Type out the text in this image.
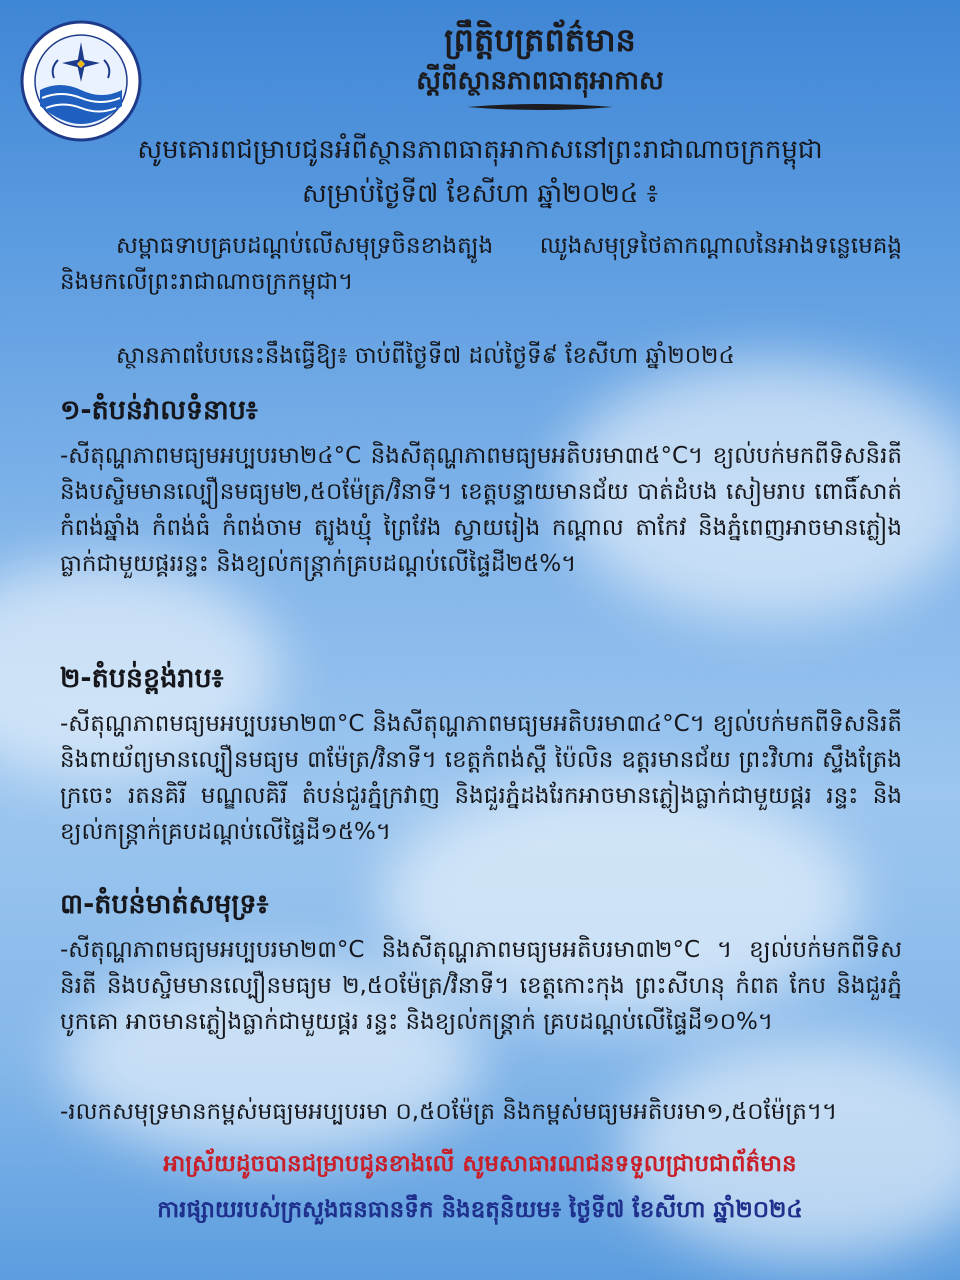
ព្រឹត្តិបត្រព័ត៌មាន
ស្ដីពីស្ថានភាពធាតុអាកាស
សូមគោរពជម្រាបជូនអំពីស្ថានភាពធាតុអាកាសនៅព្រះរាជាណាចក្រកម្ពុជា
សម្រាប់ថ្ងៃទី៧ ខែសីហា ឆ្នាំ២០២៤ ៖
សម្ពាធទាបគ្របដណ្ដប់លើសមុទ្រចិនខាងត្បូង ឈូងសមុទ្រថៃតាកណ្ដាលនៃអាងទន្លេមេគង្គ និងមកលើព្រះរាជាណាចក្រកម្ពុជា។
ស្ថានភាពបែបនេះនឹងធ្វើឱ្យ៖ ចាប់ពីថ្ងៃទី៧ ដល់ថ្ងៃទី៩ ខែសីហា ឆ្នាំ២០២៤
១-តំបន់វាលទំនាប៖
-សីតុណ្ហភាពមធ្យមអប្បបរមា២៤°C និងសីតុណ្ហភាពមធ្យមអតិបរមា៣៥°C។ ខ្យល់បក់មកពីទិសនិរតី និងបស្ចិមមានល្បឿនមធ្យម២,៥០ម៉ែត្រ/វិនាទី។ ខេត្តបន្ទាយមានជ័យ បាត់ដំបង សៀមរាប ពោធិ៍សាត់ កំពង់ឆ្នាំង កំពង់ធំ កំពង់ចាម ត្បូងឃ្មុំ ព្រៃវែង ស្វាយរៀង កណ្ដាល តាកែវ និងភ្នំពេញអាចមានភ្លៀងធ្លាក់ជាមួយផ្គររន្ទះ និងខ្យល់កន្ត្រាក់គ្របដណ្ដប់លើផ្ទៃដី២៥%។
២-តំបន់ខ្ពង់រាប៖
-សីតុណ្ហភាពមធ្យមអប្បបរមា២៣°C និងសីតុណ្ហភាពមធ្យមអតិបរមា៣៤°C។ ខ្យល់បក់មកពីទិសនិរតី និងពាយ័ព្យមានល្បឿនមធ្យម ៣ម៉ែត្រ/វិនាទី។ ខេត្តកំពង់ស្ពឺ ប៉ៃលិន ឧត្តរមានជ័យ ព្រះវិហារ ស្ទឹងត្រែង ក្រចេះ រតនគិរី មណ្ឌលគិរី តំបន់ជួរភ្នំក្រវាញ និងជួរភ្នំដងរែកអាចមានភ្លៀងធ្លាក់ជាមួយផ្គរ រន្ទះ និងខ្យល់កន្ត្រាក់គ្របដណ្ដប់លើផ្ទៃដី១៥%។
៣-តំបន់មាត់សមុទ្រ៖
-សីតុណ្ហភាពមធ្យមអប្បបរមា២៣°C និងសីតុណ្ហភាពមធ្យមអតិបរមា៣២°C ។ ខ្យល់បក់មកពីទិសនិរតី និងបស្ចិមមានល្បឿនមធ្យម ២,៥០ម៉ែត្រ/វិនាទី។ ខេត្តកោះកុង ព្រះសីហនុ កំពត កែប និងជួរភ្នំបូកគោ អាចមានភ្លៀងធ្លាក់ជាមួយផ្គរ រន្ទះ និងខ្យល់កន្ត្រាក់ គ្របដណ្ដប់លើផ្ទៃដី១០%។
-រលកសមុទ្រមានកម្ពស់មធ្យមអប្បបរមា ០,៥០ម៉ែត្រ និងកម្ពស់មធ្យមអតិបរមា១,៥០ម៉ែត្រ។។
អាស្រ័យដូចបានជម្រាបជូនខាងលើ សូមសាធារណជនទទួលជ្រាបជាព័ត៌មាន
ការផ្សាយរបស់ក្រសួងធនធានទឹក និងឧតុនិយម៖ ថ្ងៃទី៧ ខែសីហា ឆ្នាំ២០២៤
